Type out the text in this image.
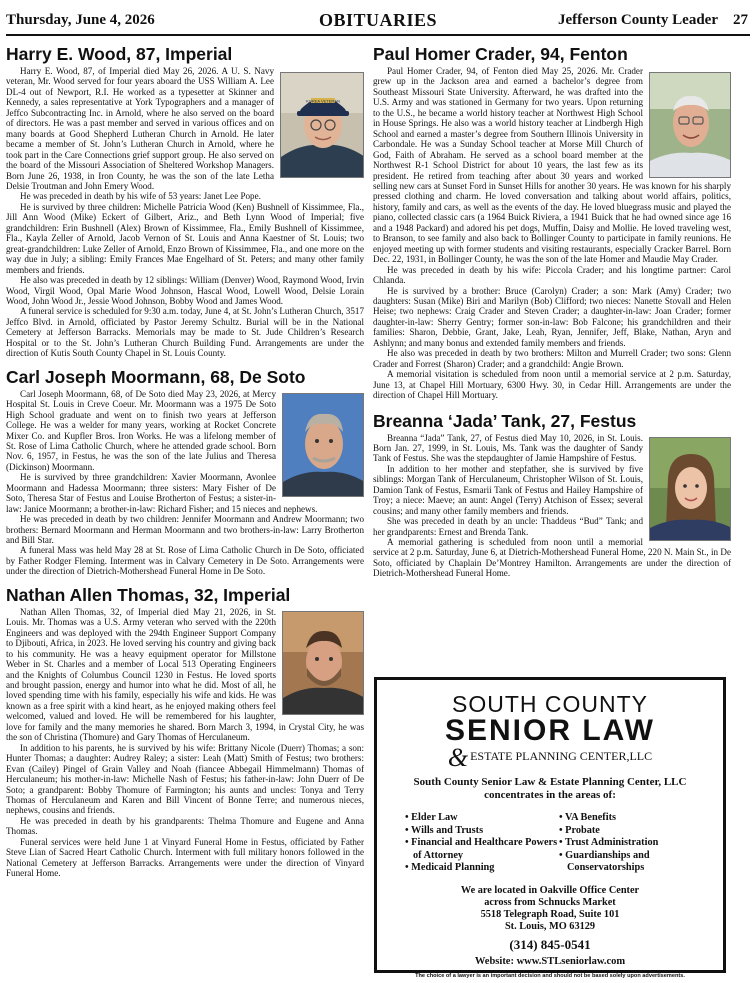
Thursday, June 4, 2026	OBITUARIES	Jefferson County Leader 27
Harry E. Wood, 87, Imperial
KOREA VETERAN

Harry E. Wood, 87, of Imperial died May 26, 2026. A U. S. Navy veteran, Mr. Wood served for four years aboard the USS William A. Lee DL-4 out of Newport, R.I. He worked as a typesetter at Skinner and Kennedy, a sales representative at York Typographers and a manager of Jeffco Subcontracting Inc. in Arnold, where he also served on the board of directors. He was a past member and served in various offices and on many boards at Good Shepherd Lutheran Church in Arnold. He later became a member of St. John’s Lutheran Church in Arnold, where he took part in the Care Connections grief support group. He also served on the board of the Missouri Association of Sheltered Workshop Managers. Born June 26, 1938, in Iron County, he was the son of the late Letha Delsie Troutman and John Emery Wood.

He was preceded in death by his wife of 53 years: Janet Lee Pope.

He is survived by three children: Michelle Patricia Wood (Ken) Bushnell of Kissimmee, Fla., Jill Ann Wood (Mike) Eckert of Gilbert, Ariz., and Beth Lynn Wood of Imperial; five grandchildren: Erin Bushnell (Alex) Brown of Kissimmee, Fla., Emily Bushnell of Kissimmee, Fla., Kayla Zeller of Arnold, Jacob Vernon of St. Louis and Anna Kaestner of St. Louis; two great-grandchildren: Luke Zeller of Arnold, Enzo Brown of Kissimmee, Fla., and one more on the way due in July; a sibling: Emily Frances Mae Engelhard of St. Peters; and many other family members and friends.

He also was preceded in death by 12 siblings: William (Denver) Wood, Raymond Wood, Irvin Wood, Virgil Wood, Opal Marie Wood Johnson, Hascal Wood, Lowell Wood, Delsie Lorain Wood, John Wood Jr., Jessie Wood Johnson, Bobby Wood and James Wood.

A funeral service is scheduled for 9:30 a.m. today, June 4, at St. John’s Lutheran Church, 3517 Jeffco Blvd. in Arnold, officiated by Pastor Jeremy Schultz. Burial will be in the National Cemetery at Jefferson Barracks. Memorials may be made to St. Jude Children’s Research Hospital or to the St. John’s Lutheran Church Building Fund. Arrangements are under the direction of Kutis South County Chapel in St. Louis County.

Carl Joseph Moormann, 68, De Soto

Carl Joseph Moormann, 68, of De Soto died May 23, 2026, at Mercy Hospital St. Louis in Creve Coeur. Mr. Moormann was a 1975 De Soto High School graduate and went on to finish two years at Jefferson College. He was a welder for many years, working at Rocket Concrete Mixer Co. and Kupfler Bros. Iron Works. He was a lifelong member of St. Rose of Lima Catholic Church, where he attended grade school. Born Nov. 6, 1957, in Festus, he was the son of the late Julius and Theresa (Dickinson) Moormann.

He is survived by three grandchildren: Xavier Moormann, Avonlee Moormann and Hadessa Moormann; three sisters: Mary Fisher of De Soto, Theresa Star of Festus and Louise Brotherton of Festus; a sister-in-law: Janice Moormann; a brother-in-law: Richard Fisher; and 15 nieces and nephews.

He was preceded in death by two children: Jennifer Moormann and Andrew Moormann; two brothers: Bernard Moormann and Herman Moormann and two brothers-in-law: Larry Brotherton and Bill Star.

A funeral Mass was held May 28 at St. Rose of Lima Catholic Church in De Soto, officiated by Father Rodger Fleming. Interment was in Calvary Cemetery in De Soto. Arrangements were under the direction of Dietrich-Mothershead Funeral Home in De Soto.

Nathan Allen Thomas, 32, Imperial

Nathan Allen Thomas, 32, of Imperial died May 21, 2026, in St. Louis. Mr. Thomas was a U.S. Army veteran who served with the 220th Engineers and was deployed with the 294th Engineer Support Company to Djibouti, Africa, in 2023. He loved serving his country and giving back to his community. He was a heavy equipment operator for Millstone Weber in St. Charles and a member of Local 513 Operating Engineers and the Knights of Columbus Council 1230 in Festus. He loved sports and brought passion, energy and humor into what he did. Most of all, he loved spending time with his family, especially his wife and kids. He was known as a free spirit with a kind heart, as he enjoyed making others feel welcomed, valued and loved. He will be remembered for his laughter, love for family and the many memories he shared. Born March 3, 1994, in Crystal City, he was the son of Christina (Thomure) and Gary Thomas of Herculaneum.

In addition to his parents, he is survived by his wife: Brittany Nicole (Duerr) Thomas; a son: Hunter Thomas; a daughter: Audrey Raley; a sister: Leah (Matt) Smith of Festus; two brothers: Evan (Cailey) Pingel of Grain Valley and Noah (fiancee Abbegail Himmelmann) Thomas of Herculaneum; his mother-in-law: Michelle Nash of Festus; his father-in-law: John Duerr of De Soto; a grandparent: Bobby Thomure of Farmington; his aunts and uncles: Tonya and Terry Thomas of Herculaneum and Karen and Bill Vincent of Bonne Terre; and numerous nieces, nephews, cousins and friends.

He was preceded in death by his grandparents: Thelma Thomure and Eugene and Anna Thomas.

Funeral services were held June 1 at Vinyard Funeral Home in Festus, officiated by Father Steve Lian of Sacred Heart Catholic Church. Interment with full military honors followed in the National Cemetery at Jefferson Barracks. Arrangements were under the direction of Vinyard Funeral Home.

Paul Homer Crader, 94, Fenton

Paul Homer Crader, 94, of Fenton died May 25, 2026. Mr. Crader grew up in the Jackson area and earned a bachelor’s degree from Southeast Missouri State University. Afterward, he was drafted into the U.S. Army and was stationed in Germany for two years. Upon returning to the U.S., he became a world history teacher at Northwest High School in House Springs. He also was a world history teacher at Lindbergh High School and earned a master’s degree from Southern Illinois University in Carbondale. He was a Sunday School teacher at Morse Mill Church of God, Faith of Abraham. He served as a school board member at the Northwest R-1 School District for about 10 years, the last few as its president. He retired from teaching after about 30 years and worked selling new cars at Sunset Ford in Sunset Hills for another 30 years. He was known for his sharply pressed clothing and charm. He loved conversation and talking about world affairs, politics, history, family and cars, as well as the events of the day. He loved bluegrass music and played the piano, collected classic cars (a 1964 Buick Riviera, a 1941 Buick that he had owned since age 16 and a 1948 Packard) and adored his pet dogs, Muffin, Daisy and Mollie. He loved traveling west, to Branson, to see family and also back to Bollinger County to participate in family reunions. He enjoyed meeting up with former students and visiting restaurants, especially Cracker Barrel. Born Dec. 22, 1931, in Bollinger County, he was the son of the late Homer and Maudie May Crader.

He was preceded in death by his wife: Piccola Crader; and his longtime partner: Carol Chlanda.

He is survived by a brother: Bruce (Carolyn) Crader; a son: Mark (Amy) Crader; two daughters: Susan (Mike) Biri and Marilyn (Bob) Clifford; two nieces: Nanette Stovall and Helen Heise; two nephews: Craig Crader and Steven Crader; a daughter-in-law: Joan Crader; former daughter-in-law: Sherry Gentry; former son-in-law: Bob Falcone; his grandchildren and their families: Sharon, Debbie, Grant, Jake, Leah, Ryan, Jennifer, Jeff, Blake, Nathan, Aryn and Ashlynn; and many bonus and extended family members and friends.

He also was preceded in death by two brothers: Milton and Murrell Crader; two sons: Glenn Crader and Forrest (Sharon) Crader; and a grandchild: Angie Brown.

A memorial visitation is scheduled from noon until a memorial service at 2 p.m. Saturday, June 13, at Chapel Hill Mortuary, 6300 Hwy. 30, in Cedar Hill. Arrangements are under the direction of Chapel Hill Mortuary.

Breanna ‘Jada’ Tank, 27, Festus

Breanna “Jada” Tank, 27, of Festus died May 10, 2026, in St. Louis. Born Jan. 27, 1999, in St. Louis, Ms. Tank was the daughter of Sandy Tank of Festus. She was the stepdaughter of Jamie Hampshire of Festus.

In addition to her mother and stepfather, she is survived by five siblings: Morgan Tank of Herculaneum, Christopher Wilson of St. Louis, Damion Tank of Festus, Esmarii Tank of Festus and Hailey Hampshire of Troy; a niece: Maeve; an aunt: Angel (Terry) Atchison of Essex; several cousins; and many other family members and friends.

She was preceded in death by an uncle: Thaddeus “Bud” Tank; and her grandparents: Ernest and Brenda Tank.

A memorial gathering is scheduled from noon until a memorial service at 2 p.m. Saturday, June 6, at Dietrich-Mothershead Funeral Home, 220 N. Main St., in De Soto, officiated by Chaplain De’Montrey Hamilton. Arrangements are under the direction of Dietrich-Mothershead Funeral Home.

SOUTH COUNTY
SENIOR LAW
& ESTATE PLANNING CENTER,LLC
South County Senior Law & Estate Planning Center, LLC
concentrates in the areas of:
• Elder Law
• Wills and Trusts
• Financial and Healthcare Powers of Attorney
• Medicaid Planning
• VA Benefits
• Probate
• Trust Administration
• Guardianships and Conservatorships
We are located in Oakville Office Center
across from Schnucks Market
5518 Telegraph Road, Suite 101
St. Louis, MO 63129
(314) 845-0541
Website: www.STLseniorlaw.com
The choice of a lawyer is an important decision and should not be based solely upon advertisements.
